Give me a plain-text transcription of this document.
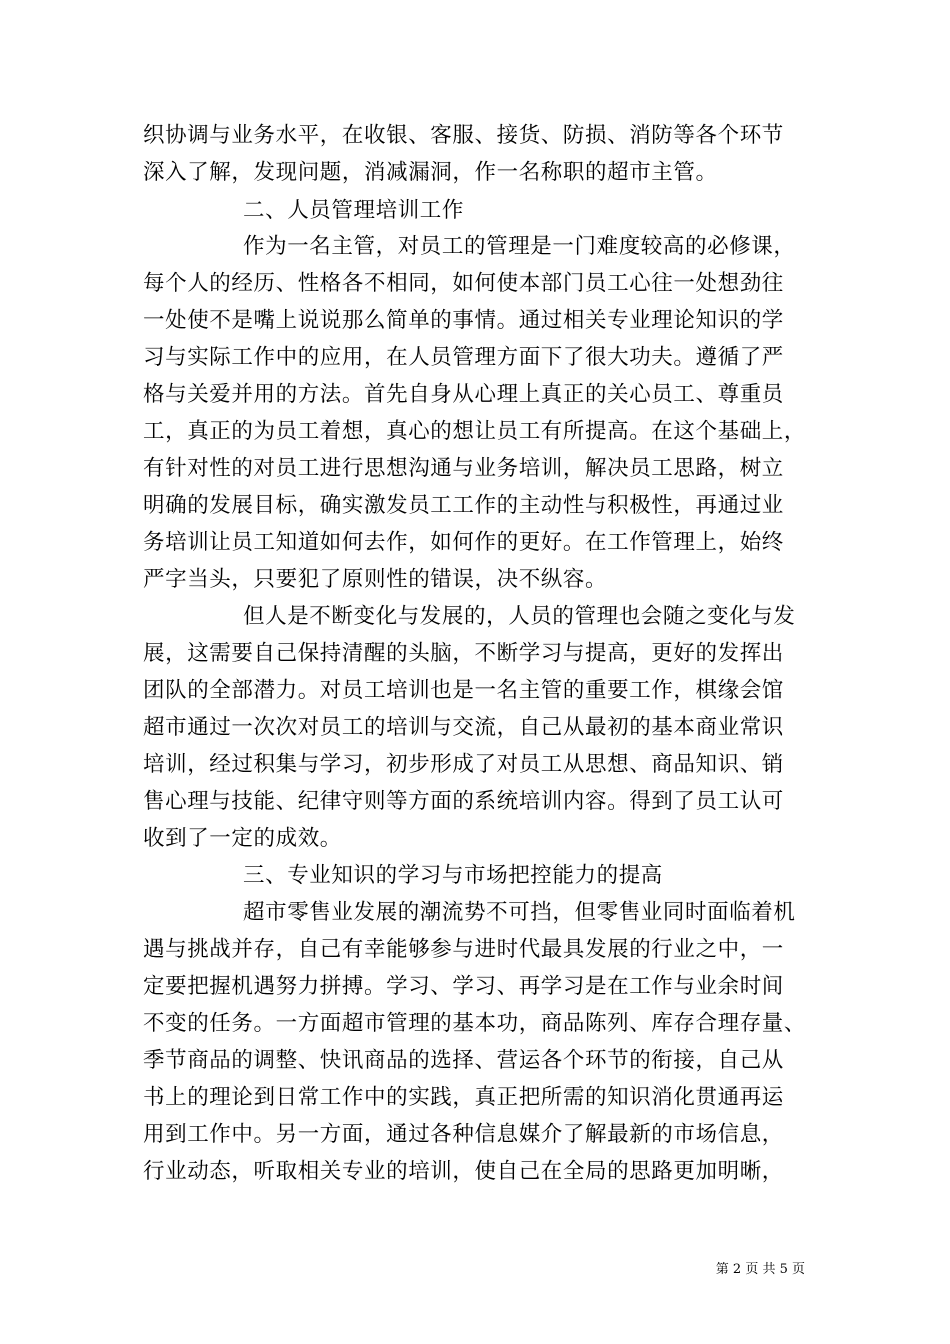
织协调与业务水平，在收银、客服、接货、防损、消防等各个环节
深入了解，发现问题，消减漏洞，作一名称职的超市主管。
二、人员管理培训工作
作为一名主管，对员工的管理是一门难度较高的必修课，
每个人的经历、性格各不相同，如何使本部门员工心往一处想劲往
一处使不是嘴上说说那么简单的事情。通过相关专业理论知识的学
习与实际工作中的应用，在人员管理方面下了很大功夫。遵循了严
格与关爱并用的方法。首先自身从心理上真正的关心员工、尊重员
工，真正的为员工着想，真心的想让员工有所提高。在这个基础上，
有针对性的对员工进行思想沟通与业务培训，解决员工思路，树立
明确的发展目标，确实激发员工工作的主动性与积极性，再通过业
务培训让员工知道如何去作，如何作的更好。在工作管理上，始终
严字当头，只要犯了原则性的错误，决不纵容。
但人是不断变化与发展的，人员的管理也会随之变化与发
展，这需要自己保持清醒的头脑，不断学习与提高，更好的发挥出
团队的全部潜力。对员工培训也是一名主管的重要工作，棋缘会馆
超市通过一次次对员工的培训与交流，自己从最初的基本商业常识
培训，经过积集与学习，初步形成了对员工从思想、商品知识、销
售心理与技能、纪律守则等方面的系统培训内容。得到了员工认可
收到了一定的成效。
三、专业知识的学习与市场把控能力的提高
超市零售业发展的潮流势不可挡，但零售业同时面临着机
遇与挑战并存，自己有幸能够参与进时代最具发展的行业之中，一
定要把握机遇努力拼搏。学习、学习、再学习是在工作与业余时间
不变的任务。一方面超市管理的基本功，商品陈列、库存合理存量、
季节商品的调整、快讯商品的选择、营运各个环节的衔接，自己从
书上的理论到日常工作中的实践，真正把所需的知识消化贯通再运
用到工作中。另一方面，通过各种信息媒介了解最新的市场信息，
行业动态，听取相关专业的培训，使自己在全局的思路更加明晰，
第 2 页 共 5 页
